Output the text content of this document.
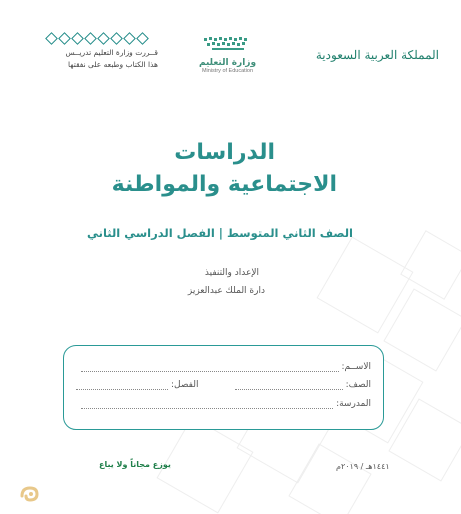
المملكة العربية السعودية
وزارة التعليم
Ministry of Education
قــررت وزارة التعليم تدريــس
هذا الكتاب وطبعه على نفقتها
الدراسات
الاجتماعية والمواطنة
الصف الثاني المتوسط | الفصل الدراسي الثاني
الإعداد والتنفيذ
دارة الملك عبدالعزيز
الاســم:
الصف:
الفصل:
المدرسة:
١٤٤١هـ / ٢٠١٩م
يوزع مجاناً ولا يباع
